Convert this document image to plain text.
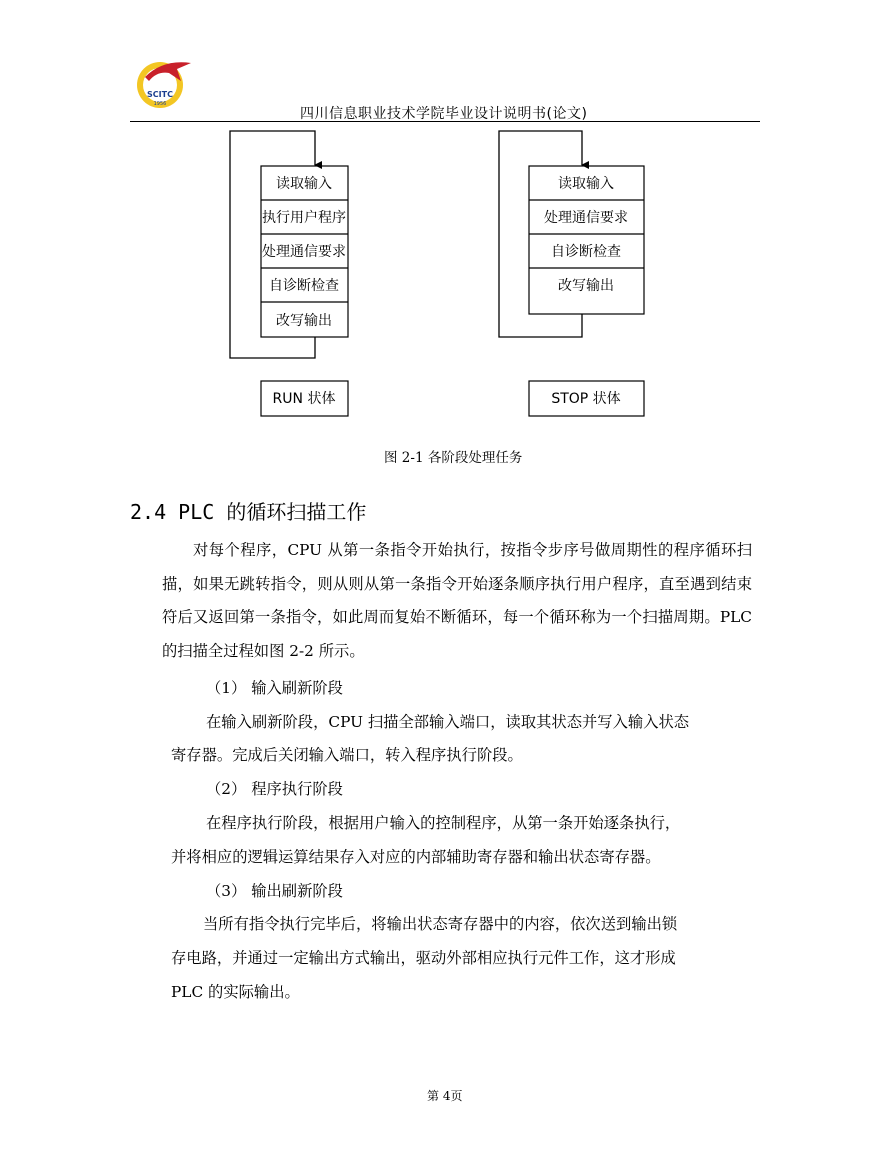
SCITC
1956
四川信息职业技术学院毕业设计说明书(论文)
读取输入
执行用户程序
处理通信要求
自诊断检查
改写输出
RUN 状体
读取输入
处理通信要求
自诊断检查
改写输出
STOP 状体
图 2-1 各阶段处理任务
2.4 PLC 的循环扫描工作
对每个程序，CPU 从第一条指令开始执行，按指令步序号做周期性的程序循环扫描，如果无跳转指令，则从则从第一条指令开始逐条顺序执行用户程序，直至遇到结束符后又返回第一条指令，如此周而复始不断循环，每一个循环称为一个扫描周期。PLC 的扫描全过程如图 2-2 所示。
（1） 输入刷新阶段
在输入刷新阶段，CPU 扫描全部输入端口，读取其状态并写入输入状态
寄存器。完成后关闭输入端口，转入程序执行阶段。
（2） 程序执行阶段
在程序执行阶段，根据用户输入的控制程序，从第一条开始逐条执行，
并将相应的逻辑运算结果存入对应的内部辅助寄存器和输出状态寄存器。
（3） 输出刷新阶段
当所有指令执行完毕后，将输出状态寄存器中的内容，依次送到输出锁
存电路，并通过一定输出方式输出，驱动外部相应执行元件工作，这才形成
PLC 的实际输出。
第 4页
